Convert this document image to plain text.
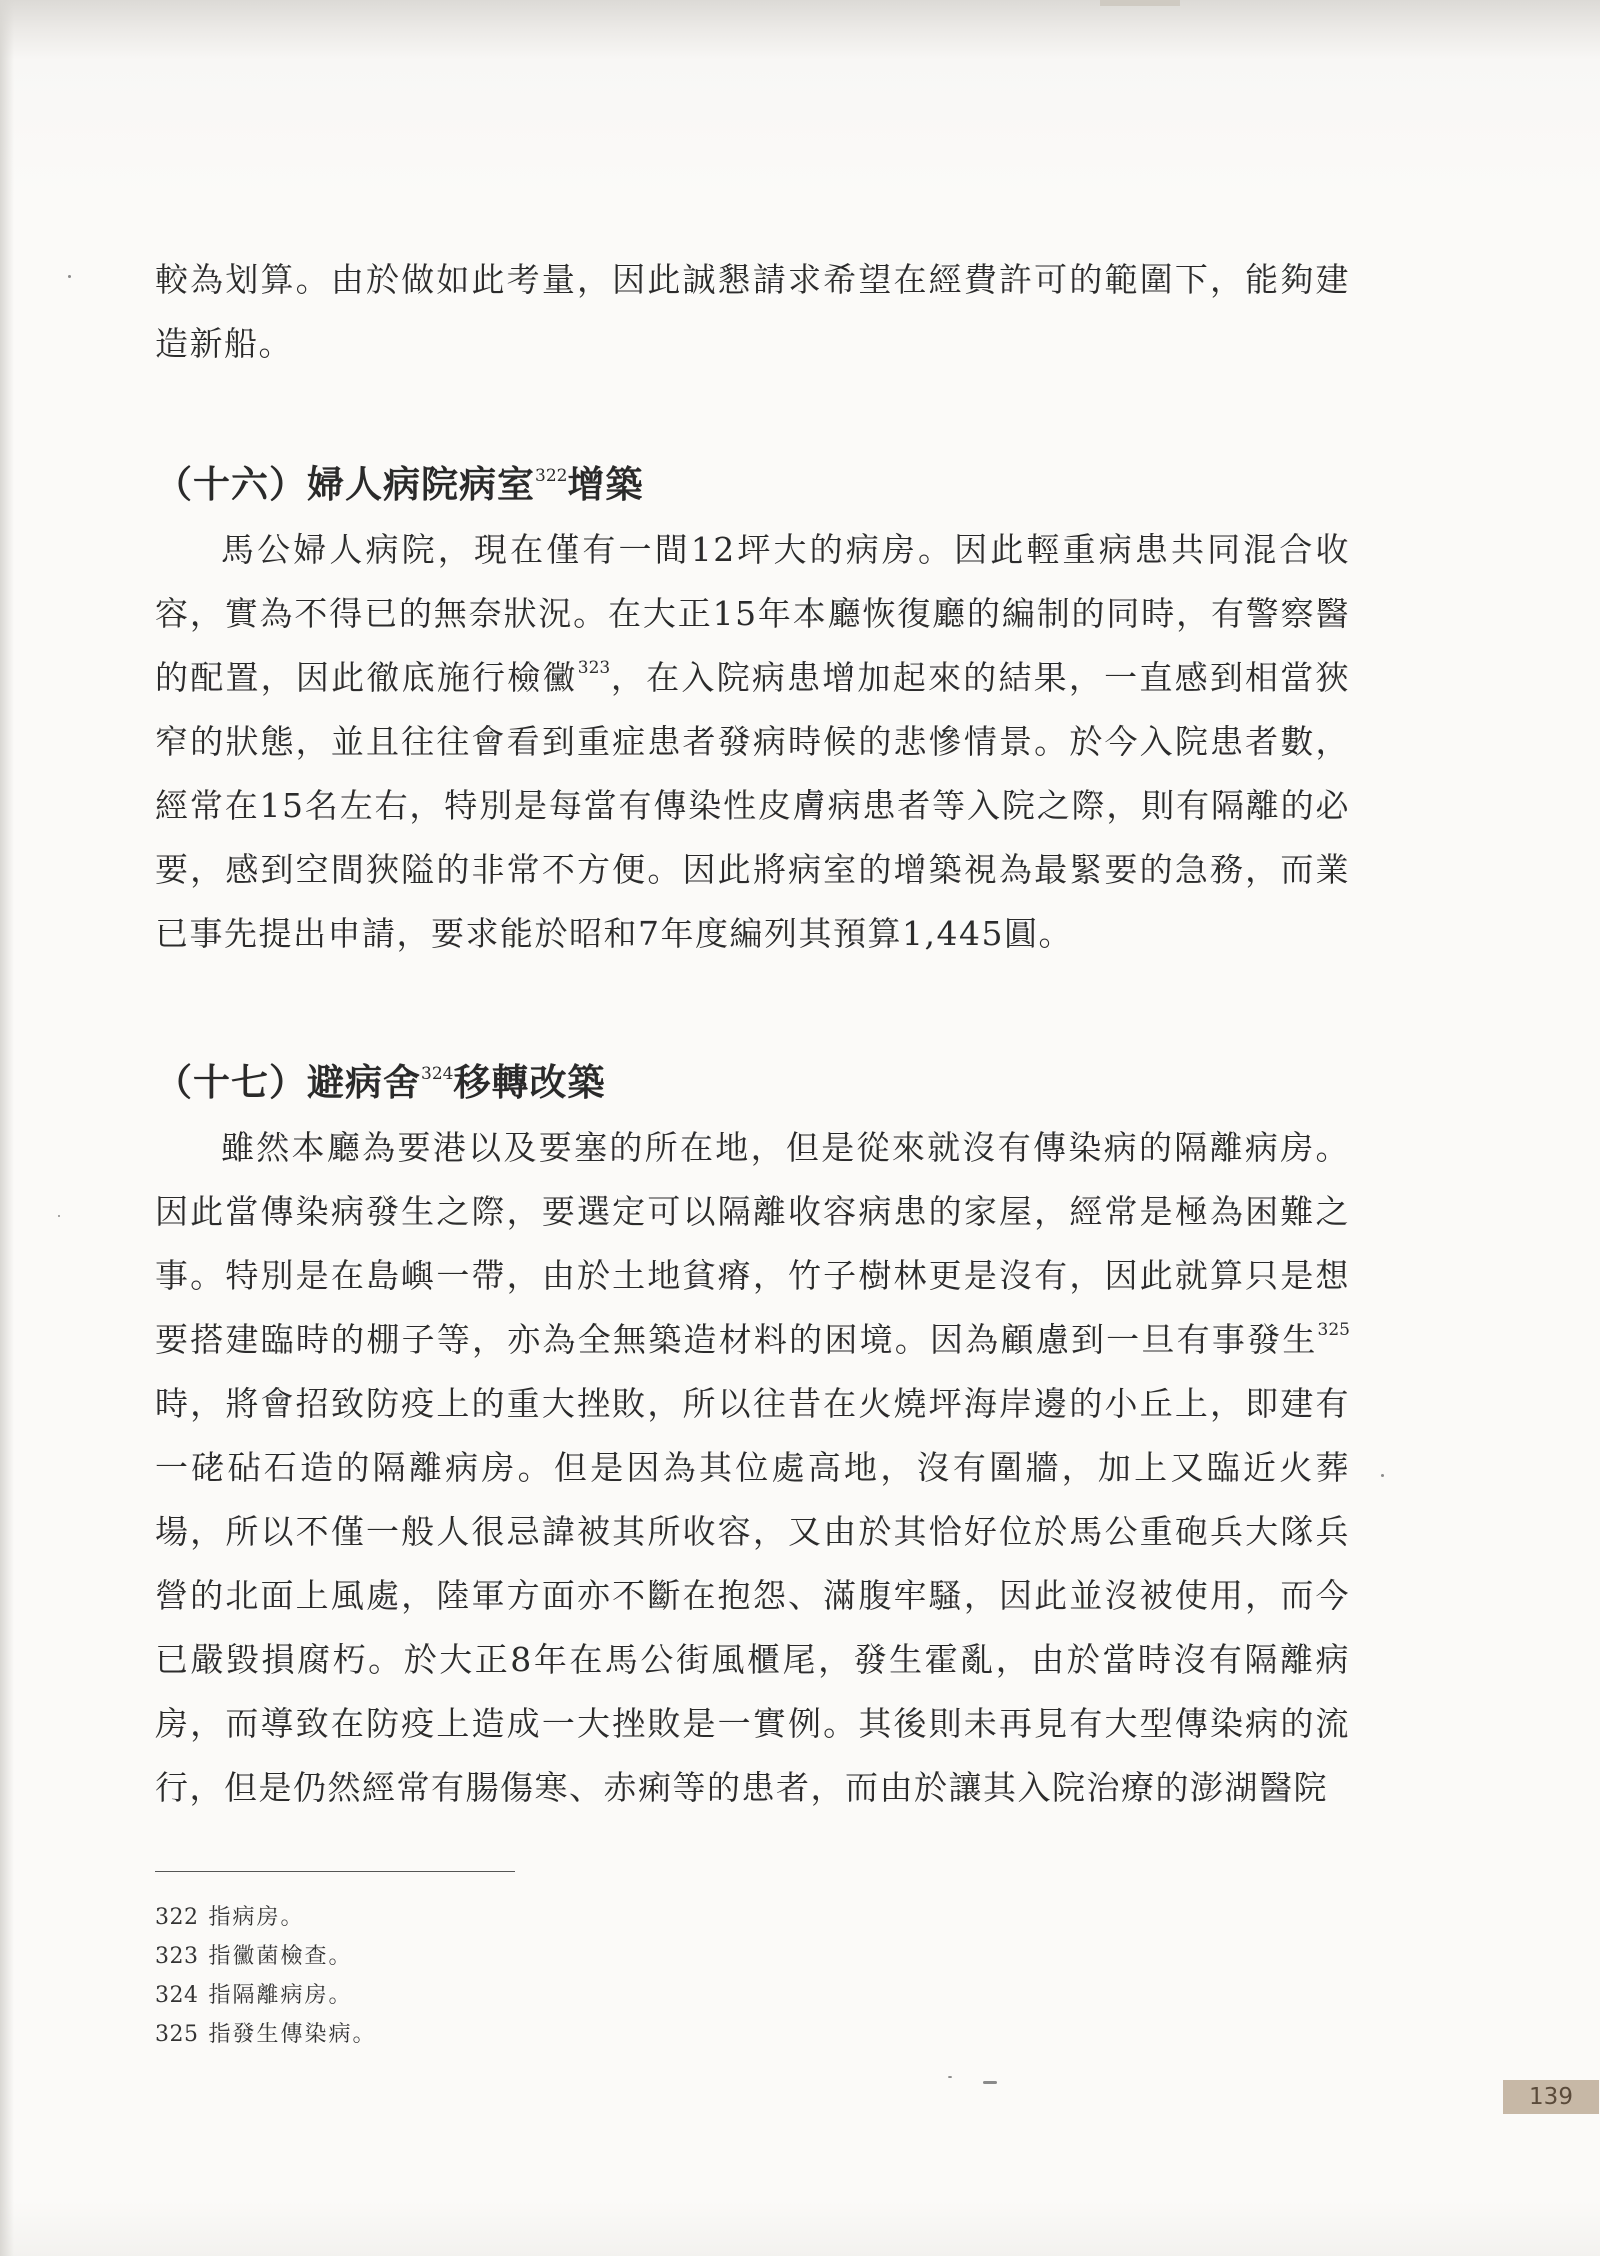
較為划算。由於做如此考量，因此誠懇請求希望在經費許可的範圍下，能夠建造新船。

（十六）婦人病院病室$^{322}$增築

馬公婦人病院，現在僅有一間12坪大的病房。因此輕重病患共同混合收容，實為不得已的無奈狀況。在大正15年本廳恢復廳的編制的同時，有警察醫的配置，因此徹底施行檢黴$^{323}$，在入院病患增加起來的結果，一直感到相當狹窄的狀態，並且往往會看到重症患者發病時候的悲慘情景。於今入院患者數，經常在15名左右，特別是每當有傳染性皮膚病患者等入院之際，則有隔離的必要，感到空間狹隘的非常不方便。因此將病室的增築視為最緊要的急務，而業已事先提出申請，要求能於昭和7年度編列其預算1,445圓。

（十七）避病舍$^{324}$移轉改築

雖然本廳為要港以及要塞的所在地，但是從來就沒有傳染病的隔離病房。因此當傳染病發生之際，要選定可以隔離收容病患的家屋，經常是極為困難之事。特別是在島嶼一帶，由於土地貧瘠，竹子樹林更是沒有，因此就算只是想要搭建臨時的棚子等，亦為全無築造材料的困境。因為顧慮到一旦有事發生$^{325}$時，將會招致防疫上的重大挫敗，所以往昔在火燒坪海岸邊的小丘上，即建有一硓砧石造的隔離病房。但是因為其位處高地，沒有圍牆，加上又臨近火葬場，所以不僅一般人很忌諱被其所收容，又由於其恰好位於馬公重砲兵大隊兵營的北面上風處，陸軍方面亦不斷在抱怨、滿腹牢騷，因此並沒被使用，而今已嚴毀損腐朽。於大正8年在馬公街風櫃尾，發生霍亂，由於當時沒有隔離病房，而導致在防疫上造成一大挫敗是一實例。其後則未再見有大型傳染病的流行，但是仍然經常有腸傷寒、赤痢等的患者，而由於讓其入院治療的澎湖醫院

322 指病房。

323 指黴菌檢查。

324 指隔離病房。

325 指發生傳染病。

139
